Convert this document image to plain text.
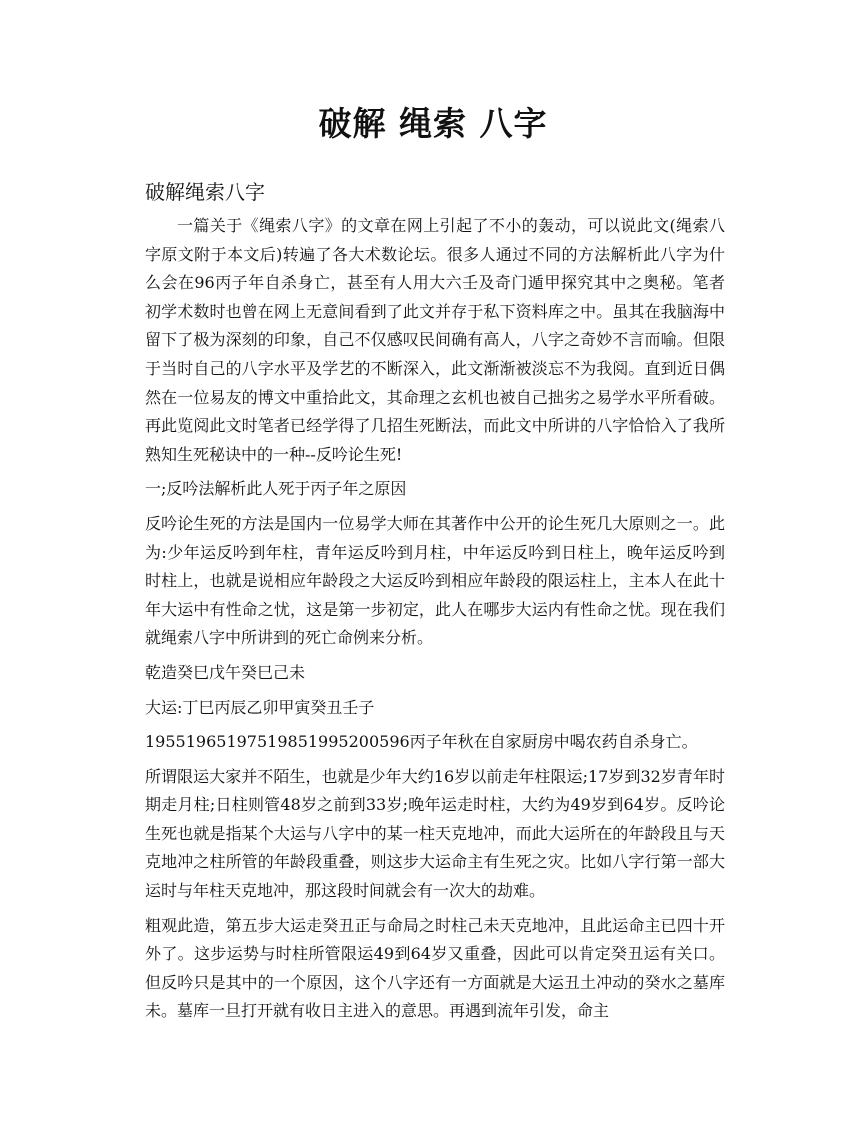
破解 绳索 八字
破解绳索八字

一篇关于《绳索八字》的文章在网上引起了不小的轰动，可以说此文(绳索八字原文附于本文后)转遍了各大术数论坛。很多人通过不同的方法解析此八字为什么会在96丙子年自杀身亡，甚至有人用大六壬及奇门遁甲探究其中之奥秘。笔者初学术数时也曾在网上无意间看到了此文并存于私下资料库之中。虽其在我脑海中留下了极为深刻的印象，自己不仅感叹民间确有高人，八字之奇妙不言而喻。但限于当时自己的八字水平及学艺的不断深入，此文渐渐被淡忘不为我阅。直到近日偶然在一位易友的博文中重拾此文，其命理之玄机也被自己拙劣之易学水平所看破。再此览阅此文时笔者已经学得了几招生死断法，而此文中所讲的八字恰恰入了我所熟知生死秘诀中的一种--反吟论生死!

一;反吟法解析此人死于丙子年之原因

反吟论生死的方法是国内一位易学大师在其著作中公开的论生死几大原则之一。此为:少年运反吟到年柱，青年运反吟到月柱，中年运反吟到日柱上，晚年运反吟到时柱上，也就是说相应年龄段之大运反吟到相应年龄段的限运柱上，主本人在此十年大运中有性命之忧，这是第一步初定，此人在哪步大运内有性命之忧。现在我们就绳索八字中所讲到的死亡命例来分析。

乾造癸巳戊午癸巳己未

大运:丁巳丙辰乙卯甲寅癸丑壬子

19551965197519851995200596丙子年秋在自家厨房中喝农药自杀身亡。

所谓限运大家并不陌生，也就是少年大约16岁以前走年柱限运;17岁到32岁青年时期走月柱;日柱则管48岁之前到33岁;晚年运走时柱，大约为49岁到64岁。反吟论生死也就是指某个大运与八字中的某一柱天克地冲，而此大运所在的年龄段且与天克地冲之柱所管的年龄段重叠，则这步大运命主有生死之灾。比如八字行第一部大运时与年柱天克地冲，那这段时间就会有一次大的劫难。

粗观此造，第五步大运走癸丑正与命局之时柱己未天克地冲，且此运命主已四十开外了。这步运势与时柱所管限运49到64岁又重叠，因此可以肯定癸丑运有关口。但反吟只是其中的一个原因，这个八字还有一方面就是大运丑土冲动的癸水之墓库未。墓库一旦打开就有收日主进入的意思。再遇到流年引发，命主
